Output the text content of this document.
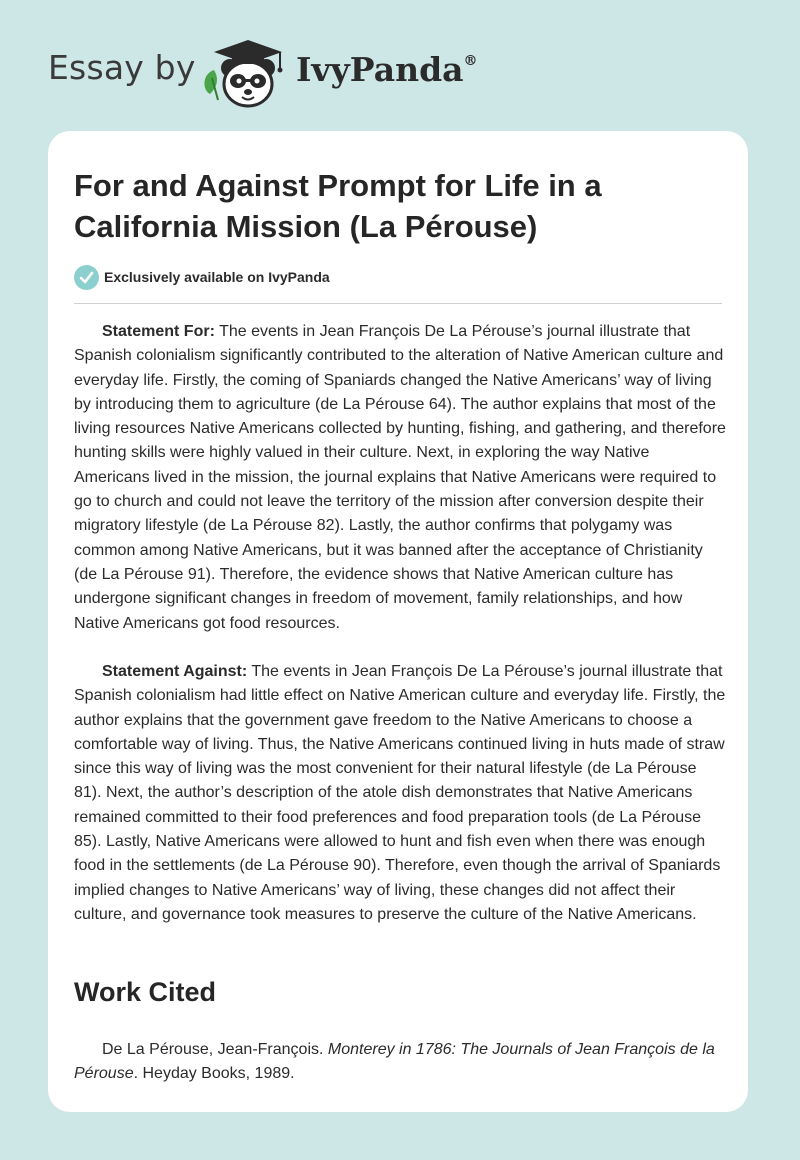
Essay by	IvyPanda®
For and Against Prompt for Life in a California Mission (La Pérouse)
Exclusively available on IvyPanda

Statement For: The events in Jean François De La Pérouse’s journal illustrate that Spanish colonialism significantly contributed to the alteration of Native American culture and everyday life. Firstly, the coming of Spaniards changed the Native Americans’ way of living by introducing them to agriculture (de La Pérouse 64). The author explains that most of the living resources Native Americans collected by hunting, fishing, and gathering, and therefore hunting skills were highly valued in their culture. Next, in exploring the way Native Americans lived in the mission, the journal explains that Native Americans were required to go to church and could not leave the territory of the mission after conversion despite their migratory lifestyle (de La Pérouse 82). Lastly, the author confirms that polygamy was common among Native Americans, but it was banned after the acceptance of Christianity (de La Pérouse 91). Therefore, the evidence shows that Native American culture has undergone significant changes in freedom of movement, family relationships, and how Native Americans got food resources.

Statement Against: The events in Jean François De La Pérouse’s journal illustrate that Spanish colonialism had little effect on Native American culture and everyday life. Firstly, the author explains that the government gave freedom to the Native Americans to choose a comfortable way of living. Thus, the Native Americans continued living in huts made of straw since this way of living was the most convenient for their natural lifestyle (de La Pérouse 81). Next, the author’s description of the atole dish demonstrates that Native Americans remained committed to their food preferences and food preparation tools (de La Pérouse 85). Lastly, Native Americans were allowed to hunt and fish even when there was enough food in the settlements (de La Pérouse 90). Therefore, even though the arrival of Spaniards implied changes to Native Americans’ way of living, these changes did not affect their culture, and governance took measures to preserve the culture of the Native Americans.

Work Cited

De La Pérouse, Jean-François. Monterey in 1786: The Journals of Jean François de la Pérouse. Heyday Books, 1989.
